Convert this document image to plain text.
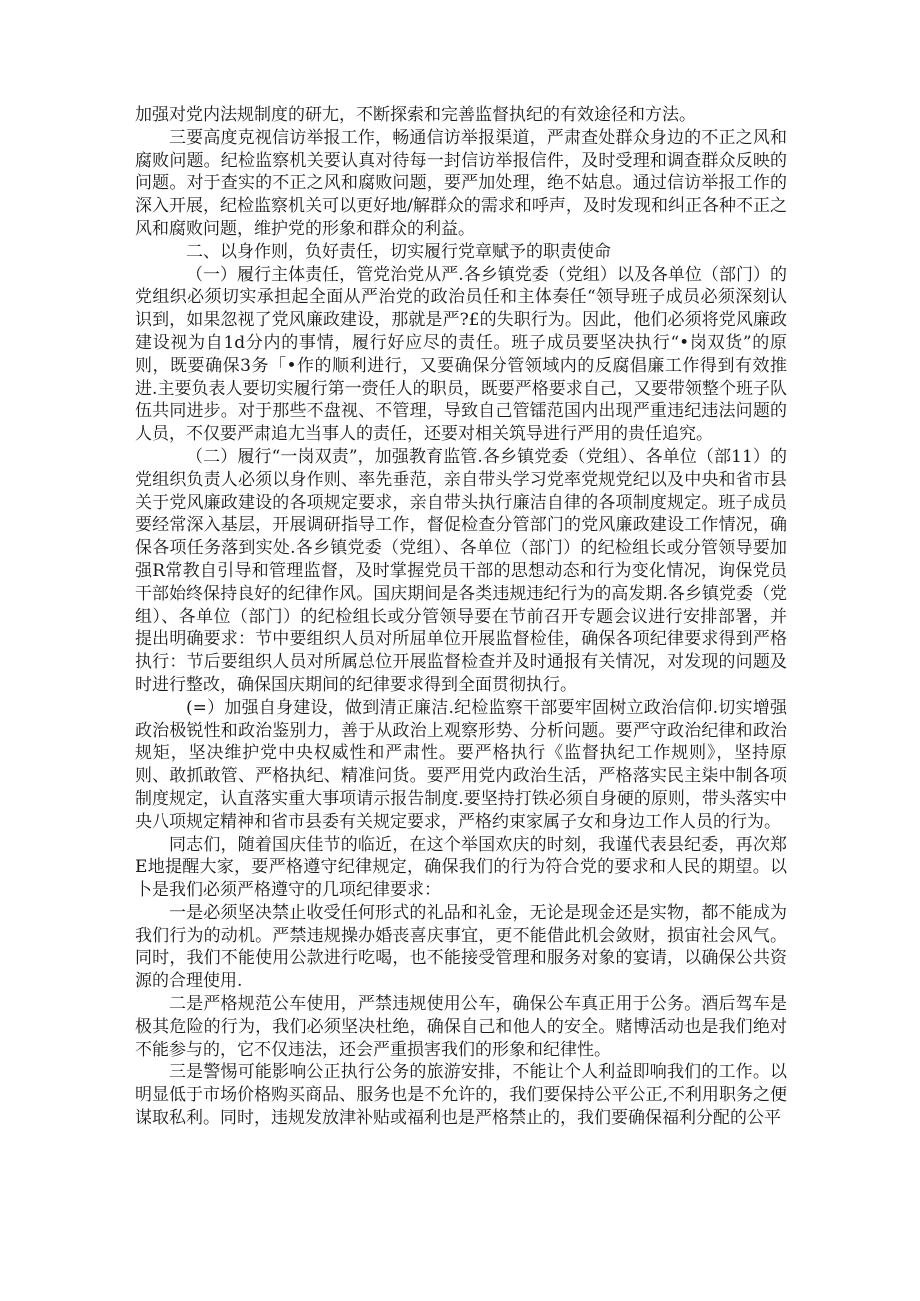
加强对党内法规制度的研尢，不断探索和完善监督执纪的有效途径和方法。

三要高度克视信访举报工作，畅通信访举报渠道，严肃查处群众身边的不正之风和腐败问题。纪检监察机关要认真对待每一封信访举报信件，及时受理和调查群众反映的问题。对于查实的不正之风和腐败问题，要严加处理，绝不姑息。通过信访举报工作的深入开展，纪检监察机关可以更好地/解群众的需求和呼声，及时发现和纠正各种不正之风和腐败问题，维护党的形象和群众的利益。

二、以身作则，负好责任，切实履行党章赋予的职责使命

（一）履行主体责任，管党治党从严.各乡镇党委（党组）以及各单位（部门）的党组织必须切实承担起全面从严治党的政治员任和主体奏任“领导班子成员必须深刻认识到，如果忽视了党风廉政建设，那就是严?£的失职行为。因此，他们必须将党风廉政建设视为自1d分内的事情，履行好应尽的责任。班子成员要坚决执行“•岗双货”的原则，既要确保3务「•作的顺利进行，又要确保分管领域内的反腐倡廉工作得到有效推进.主要负表人要切实履行第一赍任人的职员，既要严格要求自己，又要带领整个班子队伍共同进步。对于那些不盘视、不管理，导致自己管镭范国内出现严重违纪违法问题的人员，不仅要严肃追尢当事人的责任，还要对相关筑导进行严用的贵任追究。

（二）履行“一岗双责”，加强教育监管.各乡镇党委（党组）、各单位（部11）的党组织负责人必须以身作则、率先垂范，亲自带头学习党率党规党纪以及中央和省市县关于党风廉政建设的各项规定要求，亲自带头执行廉洁自律的各项制度规定。班子成员要经常深入基层，开展调研指导工作，督促检查分管部门的党风廉政建设工作情况，确保各项任务落到实处.各乡镇党委（党组）、各单位（部门）的纪检组长或分管领导要加强R常教自引导和管理监督，及时掌握党员干部的思想动态和行为变化情况，询保党员干部始终保持良好的纪律作风。国庆期间是各类违规违纪行为的高发期.各乡镇党委（党组）、各单位（部门）的纪检组长或分管领导要在节前召开专题会议进行安排部署，并提出明确要求：节中要组织人员对所屈单位开展监督检佳，确保各项纪律要求得到严格执行：节后要组织人员对所属总位开展监督检查并及时通报有关情况，对发现的问题及时进行整改，确保国庆期间的纪律要求得到全面贯彻执行。

(=）加强自身建设，做到清正廉洁.纪检监察干部要牢固树立政治信仰.切实增强政治极锐性和政治鉴别力，善于从政治上观察形势、分析问题。要严守政治纪律和政治规矩，坚决维护党中央权威性和严肃性。要严格执行《监督执纪工作规则》，坚持原则、敢抓敢管、严格执纪、精准问货。要严用党内政治生活，严格落实民主柒中制各项制度规定，认直落实重大事项请示报告制度.要坚持打铁必须自身硬的原则，带头落实中央八项规定精神和省市县委有关规定要求，严格约束家属子女和身边工作人员的行为。

同志们，随着国庆佳节的临近，在这个举国欢庆的时刻，我谨代表县纪委，再次郑E地提醒大家，要严格遵守纪律规定，确保我们的行为符合党的要求和人民的期望。以卜是我们必须严格遵守的几项纪律要求：

一是必须坚决禁止收受任何形式的礼品和礼金，无论是现金还是实物，都不能成为我们行为的动机。严禁违规操办婚丧喜庆事宜，更不能借此机会敛财，损宙社会风气。同时，我们不能使用公款进行吃喝，也不能接受管理和服务对象的宴请，以确保公共资源的合理使用.

二是严格规范公车使用，严禁违规使用公车，确保公车真正用于公务。酒后驾车是极其危险的行为，我们必须坚决杜绝，确保自己和他人的安全。赌博活动也是我们绝对不能参与的，它不仅违法，还会严重损害我们的形象和纪律性。

三是警惕可能影响公正执行公务的旅游安排，不能让个人利益即响我们的工作。以明显低于市场价格购买商品、服务也是不允许的，我们要保持公平公正,不利用职务之便谋取私利。同时，违规发放津补贴或福利也是严格禁止的，我们要确保福利分配的公平
